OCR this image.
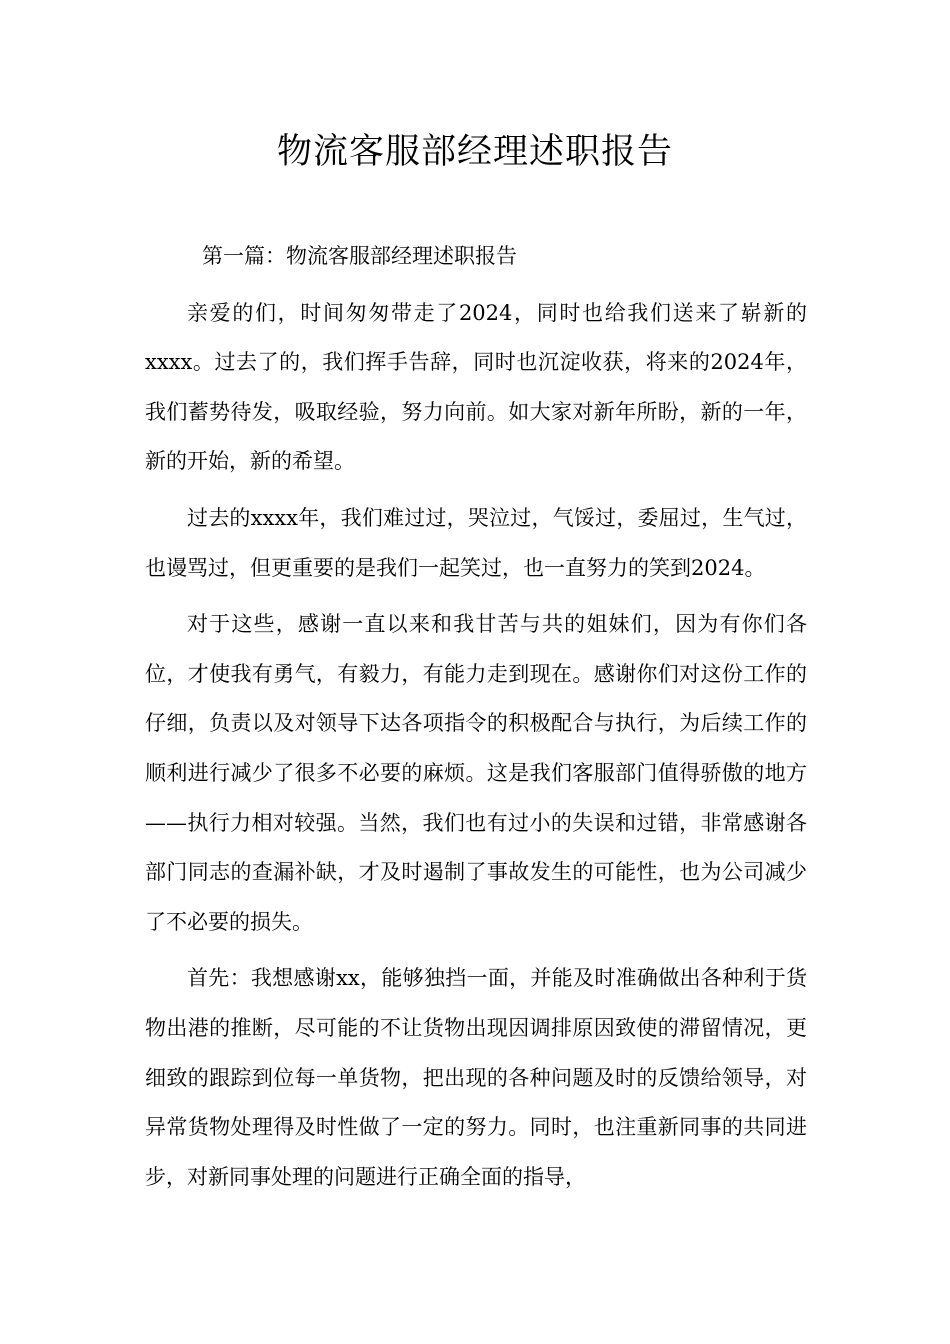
物流客服部经理述职报告

第一篇：物流客服部经理述职报告

亲爱的们，时间匆匆带走了2024，同时也给我们送来了崭新的xxxx。过去了的，我们挥手告辞，同时也沉淀收获，将来的2024年，我们蓄势待发，吸取经验，努力向前。如大家对新年所盼，新的一年，新的开始，新的希望。

过去的xxxx年，我们难过过，哭泣过，气馁过，委屈过，生气过，也谩骂过，但更重要的是我们一起笑过，也一直努力的笑到2024。

对于这些，感谢一直以来和我甘苦与共的姐妹们，因为有你们各位，才使我有勇气，有毅力，有能力走到现在。感谢你们对这份工作的仔细，负责以及对领导下达各项指令的积极配合与执行，为后续工作的顺利进行减少了很多不必要的麻烦。这是我们客服部门值得骄傲的地方——执行力相对较强。当然，我们也有过小的失误和过错，非常感谢各部门同志的查漏补缺，才及时遏制了事故发生的可能性，也为公司减少了不必要的损失。

首先：我想感谢xx，能够独挡一面，并能及时准确做出各种利于货物出港的推断，尽可能的不让货物出现因调排原因致使的滞留情况，更细致的跟踪到位每一单货物，把出现的各种问题及时的反馈给领导，对异常货物处理得及时性做了一定的努力。同时，也注重新同事的共同进步，对新同事处理的问题进行正确全面的指导，
